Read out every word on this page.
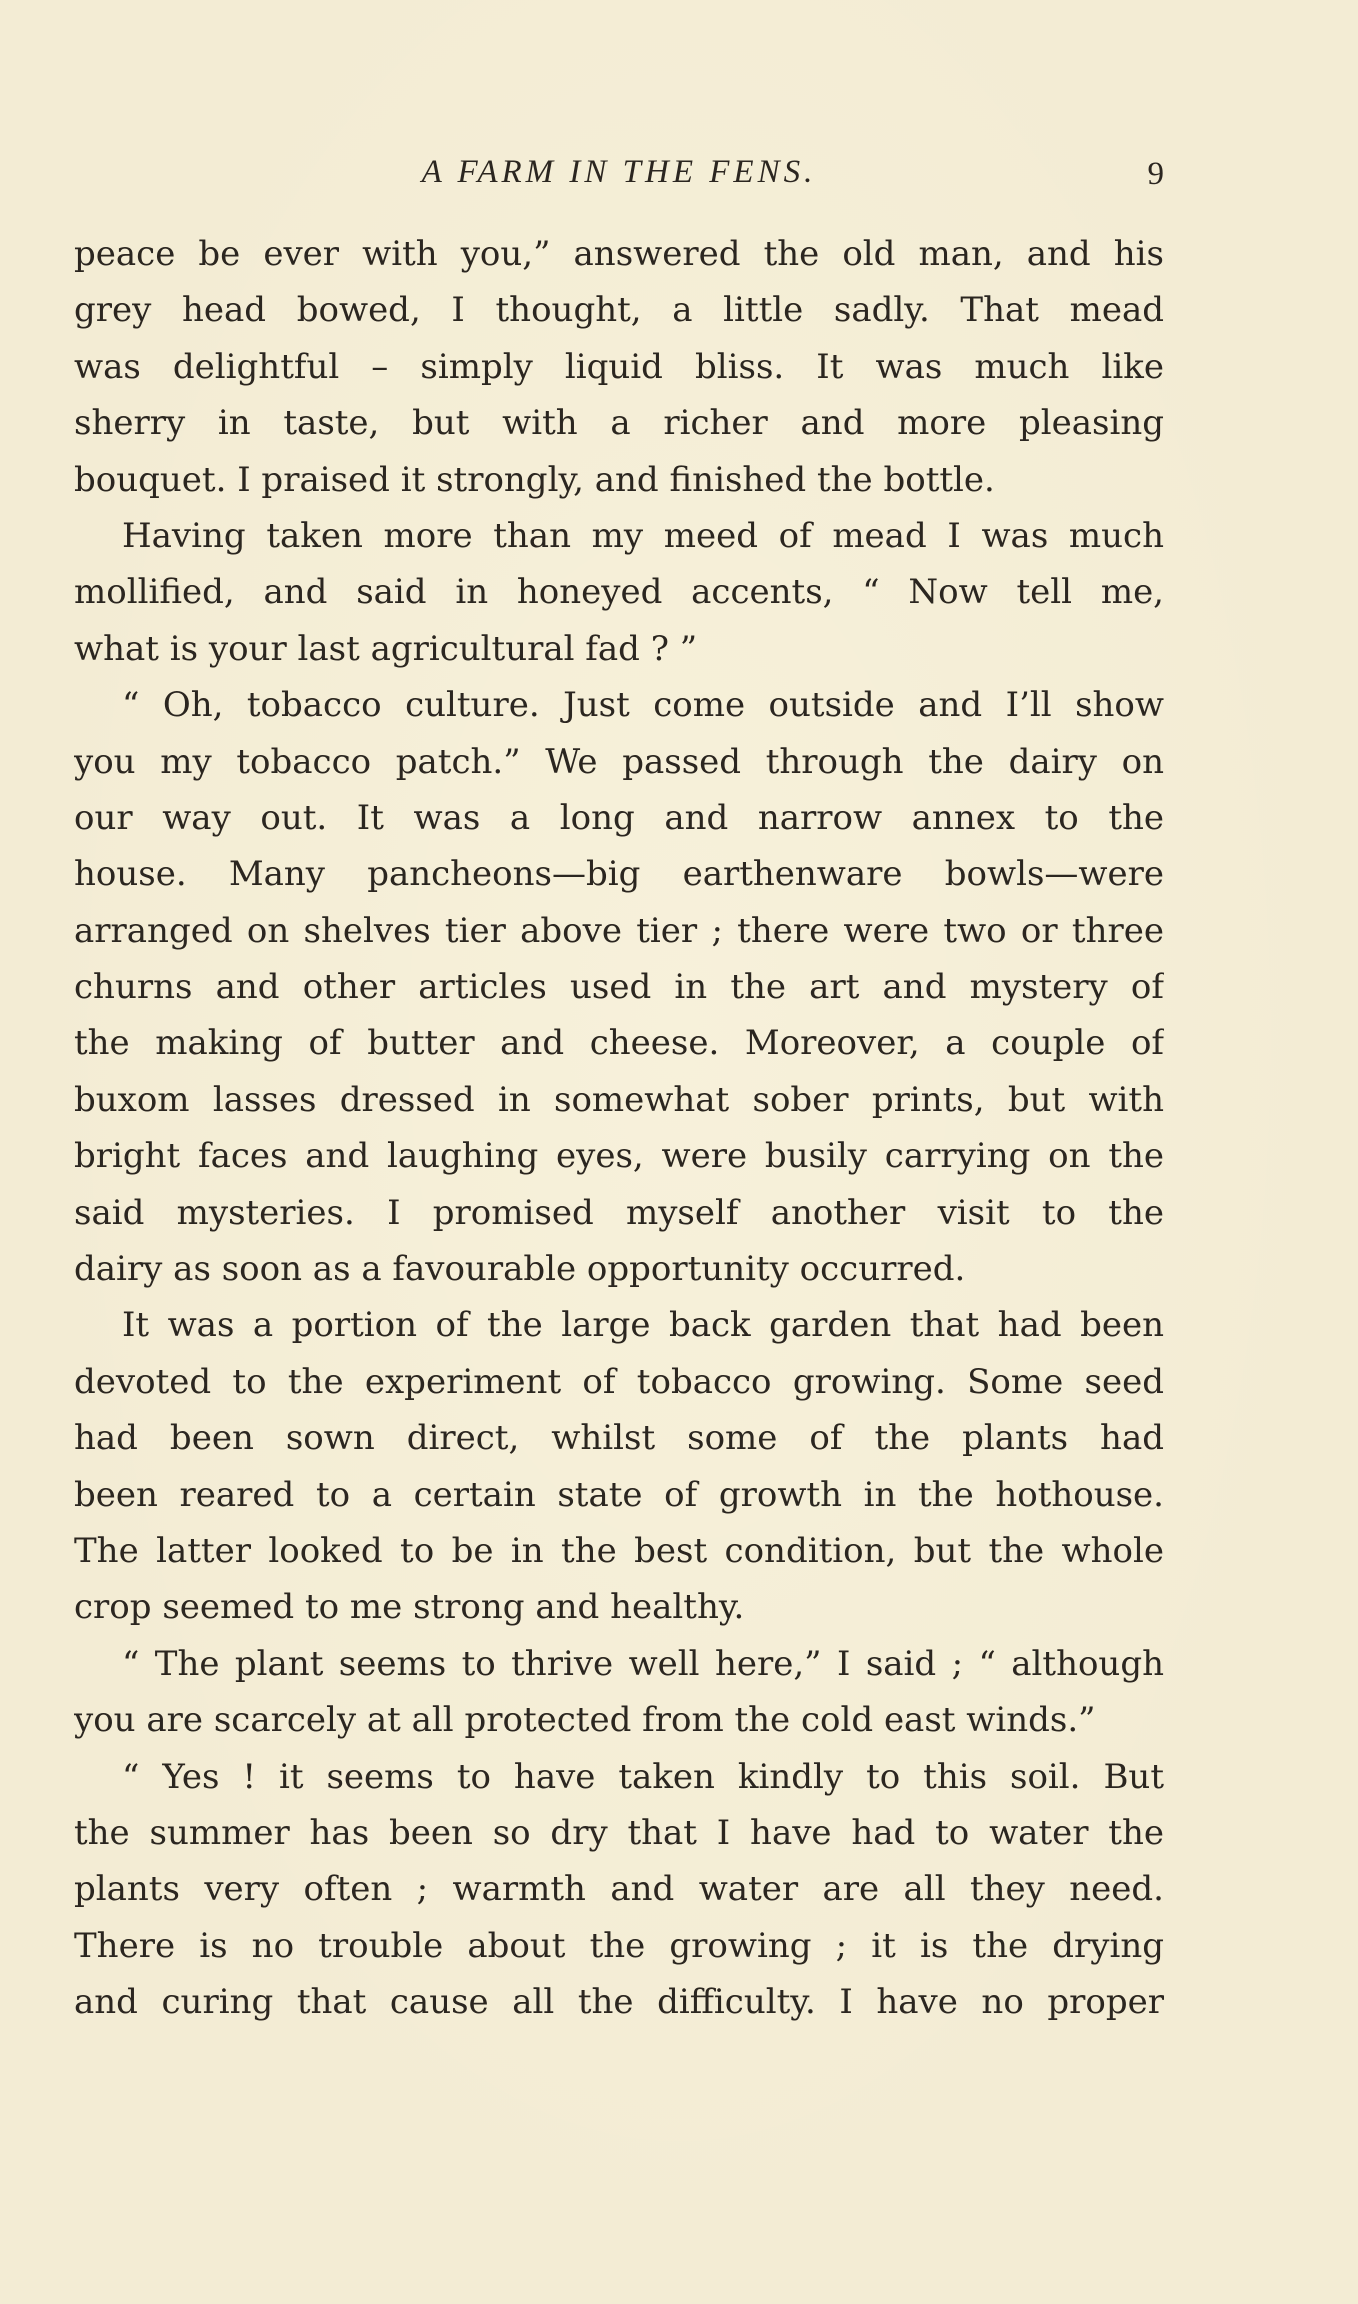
A FARM IN THE FENS.	9
peace be ever with you,” answered the old man, and his
grey head bowed, I thought, a little sadly. That mead
was delightful – simply liquid bliss. It was much like
sherry in taste, but with a richer and more pleasing
bouquet. I praised it strongly, and finished the bottle.
Having taken more than my meed of mead I was much
mollified, and said in honeyed accents, “ Now tell me,
what is your last agricultural fad ? ”
“ Oh, tobacco culture. Just come outside and I’ll show
you my tobacco patch.” We passed through the dairy on
our way out. It was a long and narrow annex to the
house. Many pancheons—big earthenware bowls—were
arranged on shelves tier above tier ; there were two or three
churns and other articles used in the art and mystery of
the making of butter and cheese. Moreover, a couple of
buxom lasses dressed in somewhat sober prints, but with
bright faces and laughing eyes, were busily carrying on the
said mysteries. I promised myself another visit to the
dairy as soon as a favourable opportunity occurred.
It was a portion of the large back garden that had been
devoted to the experiment of tobacco growing. Some seed
had been sown direct, whilst some of the plants had
been reared to a certain state of growth in the hothouse.
The latter looked to be in the best condition, but the whole
crop seemed to me strong and healthy.
“ The plant seems to thrive well here,” I said ; “ although
you are scarcely at all protected from the cold east winds.”
“ Yes ! it seems to have taken kindly to this soil. But
the summer has been so dry that I have had to water the
plants very often ; warmth and water are all they need.
There is no trouble about the growing ; it is the drying
and curing that cause all the difficulty. I have no proper
